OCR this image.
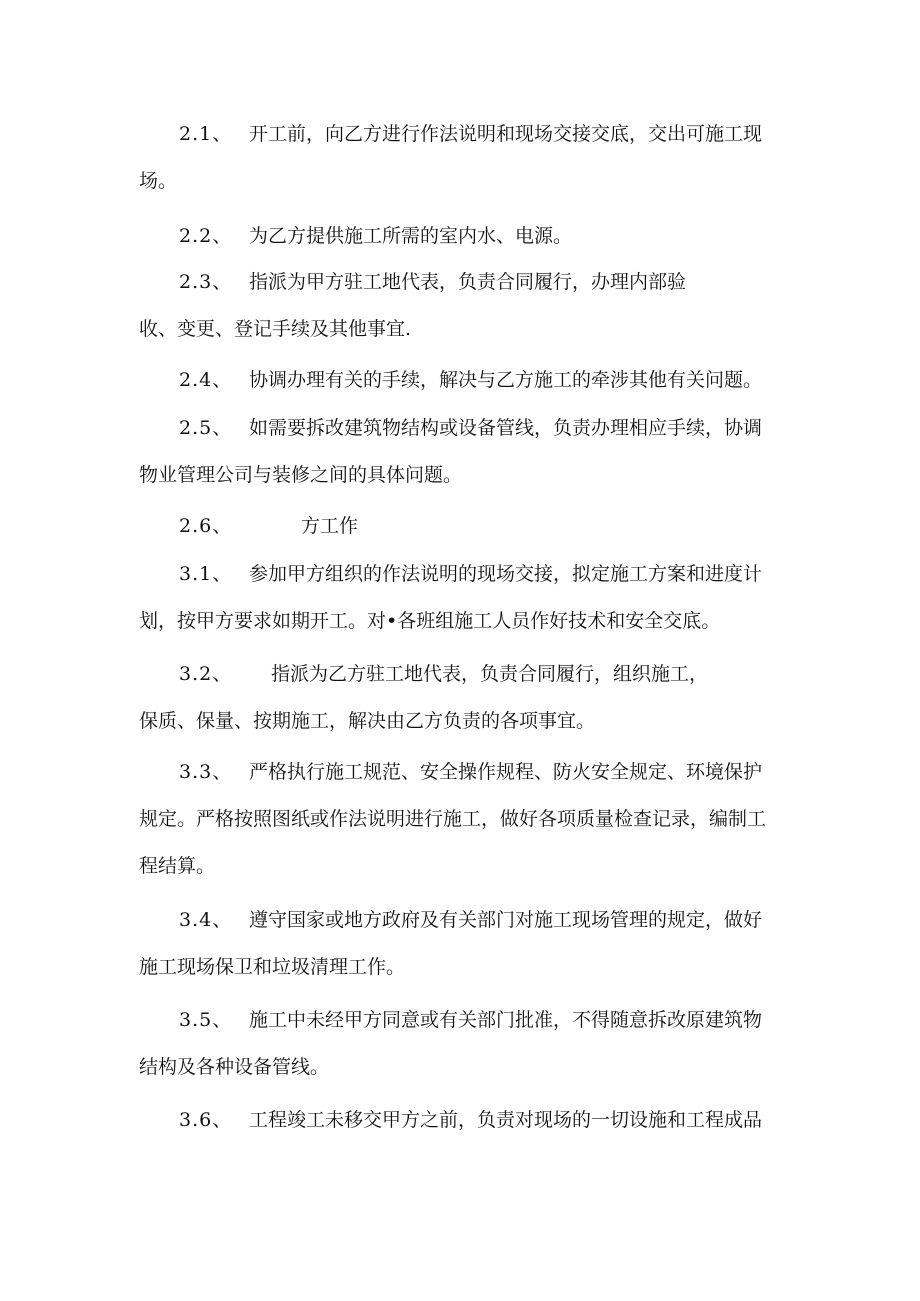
2.1、 开工前，向乙方进行作法说明和现场交接交底，交出可施工现
场。
2.2、 为乙方提供施工所需的室内水、电源。
2.3、 指派为甲方驻工地代表，负责合同履行，办理内部验
收、变更、登记手续及其他事宜.
2.4、 协调办理有关的手续，解决与乙方施工的牵涉其他有关问题。
2.5、 如需要拆改建筑物结构或设备管线，负责办理相应手续，协调
物业管理公司与装修之间的具体问题。
2.6、	方工作
3.1、 参加甲方组织的作法说明的现场交接，拟定施工方案和进度计
划，按甲方要求如期开工。对•各班组施工人员作好技术和安全交底。
3.2、 指派为乙方驻工地代表，负责合同履行，组织施工，
保质、保量、按期施工，解决由乙方负责的各项事宜。
3.3、 严格执行施工规范、安全操作规程、防火安全规定、环境保护
规定。严格按照图纸或作法说明进行施工，做好各项质量检查记录，编制工
程结算。
3.4、 遵守国家或地方政府及有关部门对施工现场管理的规定，做好
施工现场保卫和垃圾清理工作。
3.5、 施工中未经甲方同意或有关部门批准，不得随意拆改原建筑物
结构及各种设备管线。
3.6、 工程竣工未移交甲方之前，负责对现场的一切设施和工程成品
